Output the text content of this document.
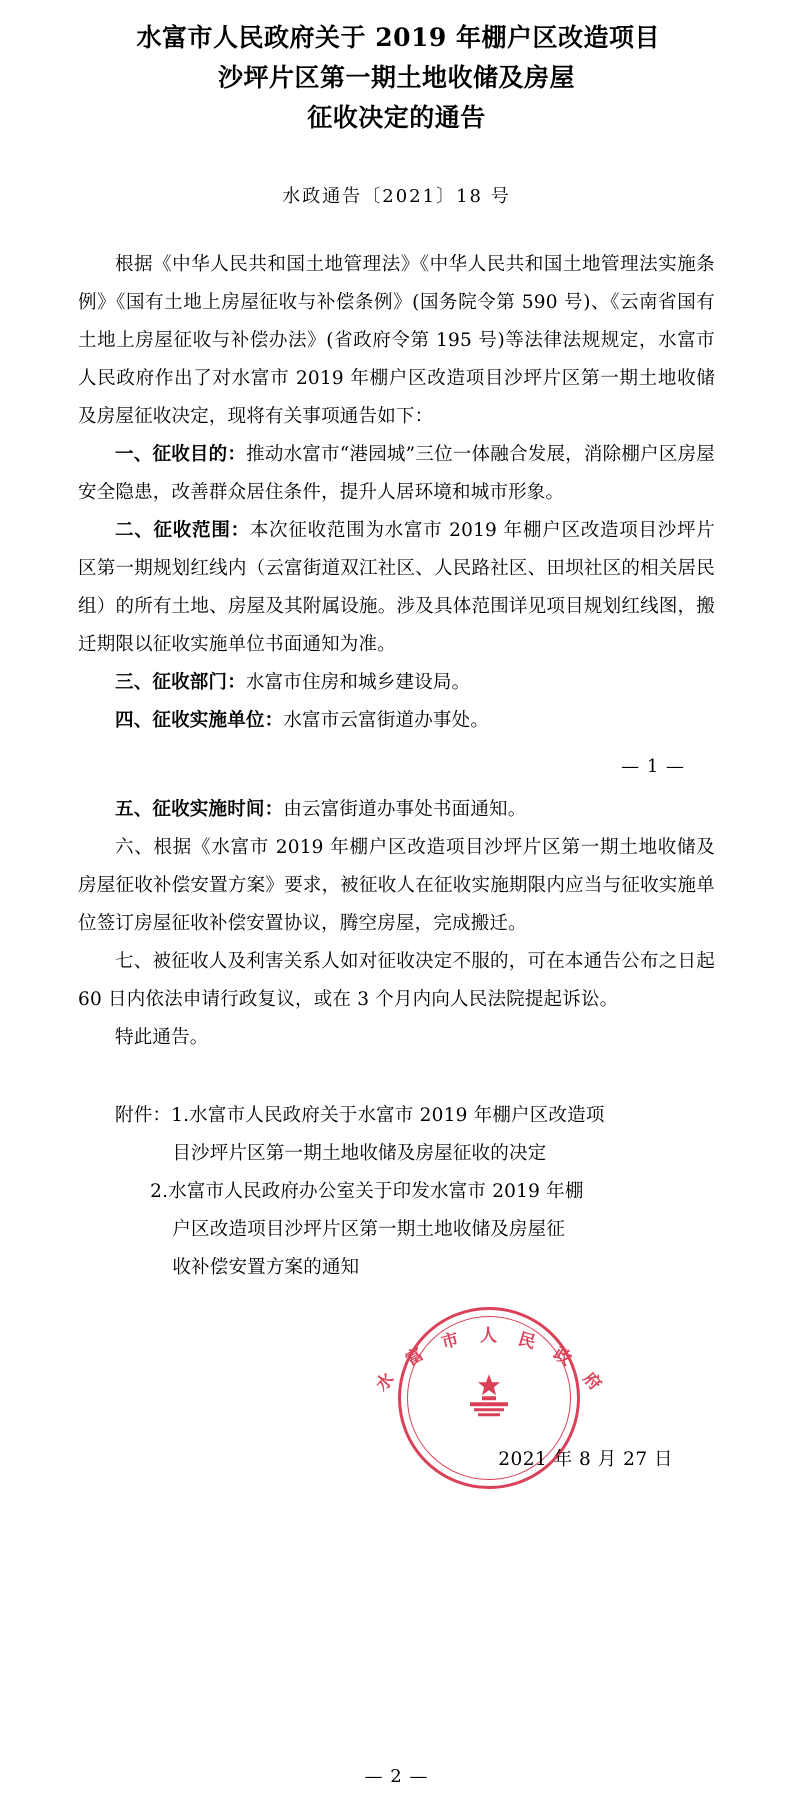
水富市人民政府关于 2019 年棚户区改造项目
沙坪片区第一期土地收储及房屋
征收决定的通告
水政通告〔2021〕18 号

根据《中华人民共和国土地管理法》《中华人民共和国土地管理法实施条例》《国有土地上房屋征收与补偿条例》(国务院令第 590 号)、《云南省国有土地上房屋征收与补偿办法》(省政府令第 195 号)等法律法规规定，水富市人民政府作出了对水富市 2019 年棚户区改造项目沙坪片区第一期土地收储及房屋征收决定，现将有关事项通告如下：

一、征收目的：推动水富市“港园城”三位一体融合发展，消除棚户区房屋安全隐患，改善群众居住条件，提升人居环境和城市形象。

二、征收范围：本次征收范围为水富市 2019 年棚户区改造项目沙坪片区第一期规划红线内（云富街道双江社区、人民路社区、田坝社区的相关居民组）的所有土地、房屋及其附属设施。涉及具体范围详见项目规划红线图，搬迁期限以征收实施单位书面通知为准。

三、征收部门：水富市住房和城乡建设局。

四、征收实施单位：水富市云富街道办事处。

— 1 —

五、征收实施时间：由云富街道办事处书面通知。

六、根据《水富市 2019 年棚户区改造项目沙坪片区第一期土地收储及房屋征收补偿安置方案》要求，被征收人在征收实施期限内应当与征收实施单位签订房屋征收补偿安置协议，腾空房屋，完成搬迁。

七、被征收人及利害关系人如对征收决定不服的，可在本通告公布之日起 60 日内依法申请行政复议，或在 3 个月内向人民法院提起诉讼。

特此通告。

附件：1.水富市人民政府关于水富市 2019 年棚户区改造项

目沙坪片区第一期土地收储及房屋征收的决定

2.水富市人民政府办公室关于印发水富市 2019 年棚

户区改造项目沙坪片区第一期土地收储及房屋征

收补偿安置方案的通知

水
富
市 人 民
政
府
2021 年 8 月 27 日
— 2 —
